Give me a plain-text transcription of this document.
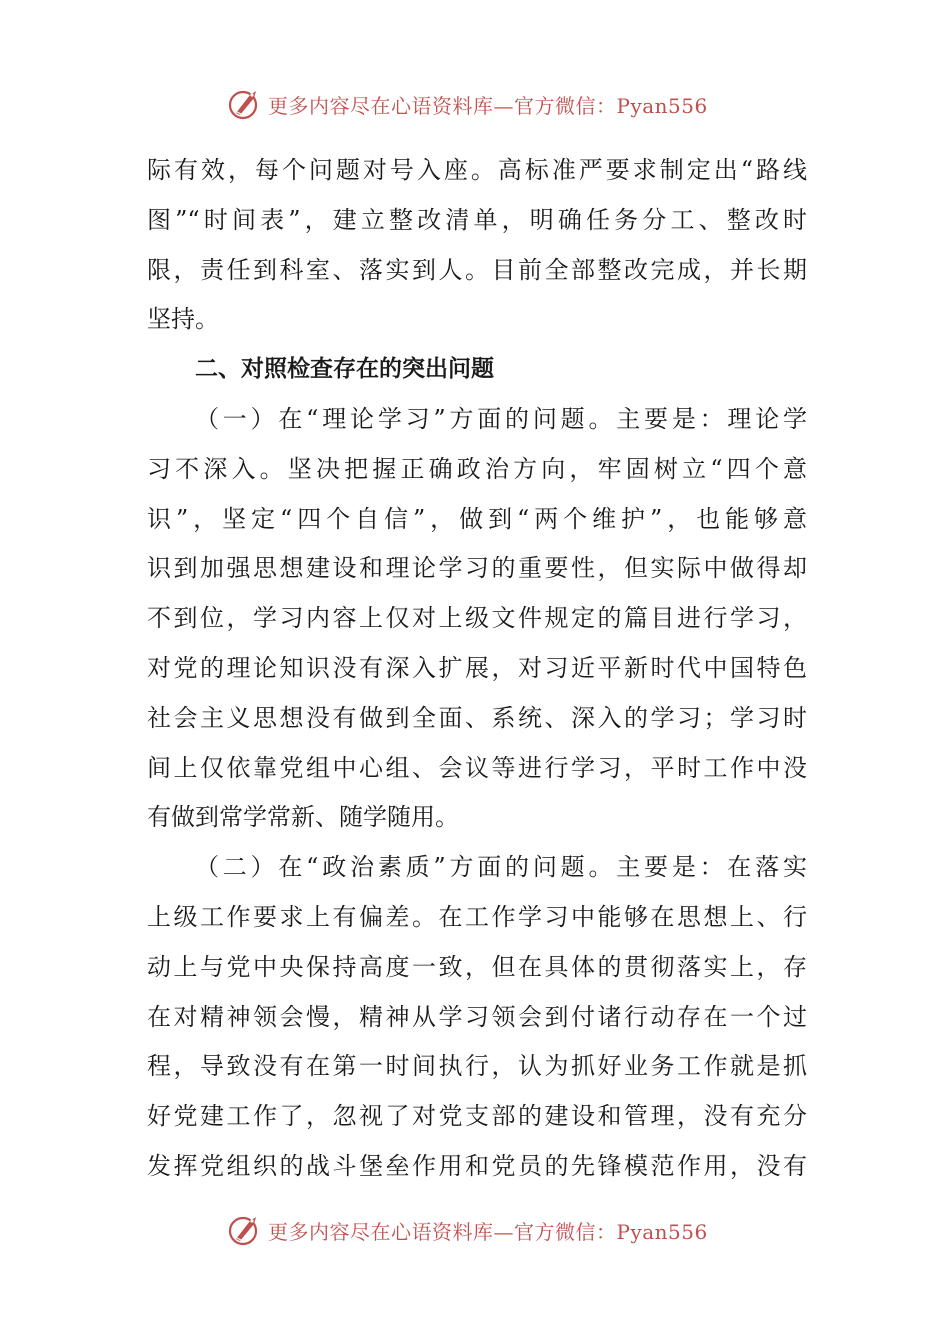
更多内容尽在心语资料库—官方微信：Pyan556
际有效，每个问题对号入座。高标准严要求制定出“路线
图”“时间表”，建立整改清单，明确任务分工、整改时
限，责任到科室、落实到人。目前全部整改完成，并长期
坚持。
二、对照检查存在的突出问题
（一）在“理论学习”方面的问题。主要是：理论学
习不深入。坚决把握正确政治方向，牢固树立“四个意
识”，坚定“四个自信”，做到“两个维护”，也能够意
识到加强思想建设和理论学习的重要性，但实际中做得却
不到位，学习内容上仅对上级文件规定的篇目进行学习，
对党的理论知识没有深入扩展，对习近平新时代中国特色
社会主义思想没有做到全面、系统、深入的学习；学习时
间上仅依靠党组中心组、会议等进行学习，平时工作中没
有做到常学常新、随学随用。
（二）在“政治素质”方面的问题。主要是：在落实
上级工作要求上有偏差。在工作学习中能够在思想上、行
动上与党中央保持高度一致，但在具体的贯彻落实上，存
在对精神领会慢，精神从学习领会到付诸行动存在一个过
程，导致没有在第一时间执行，认为抓好业务工作就是抓
好党建工作了，忽视了对党支部的建设和管理，没有充分
发挥党组织的战斗堡垒作用和党员的先锋模范作用，没有
更多内容尽在心语资料库—官方微信：Pyan556
